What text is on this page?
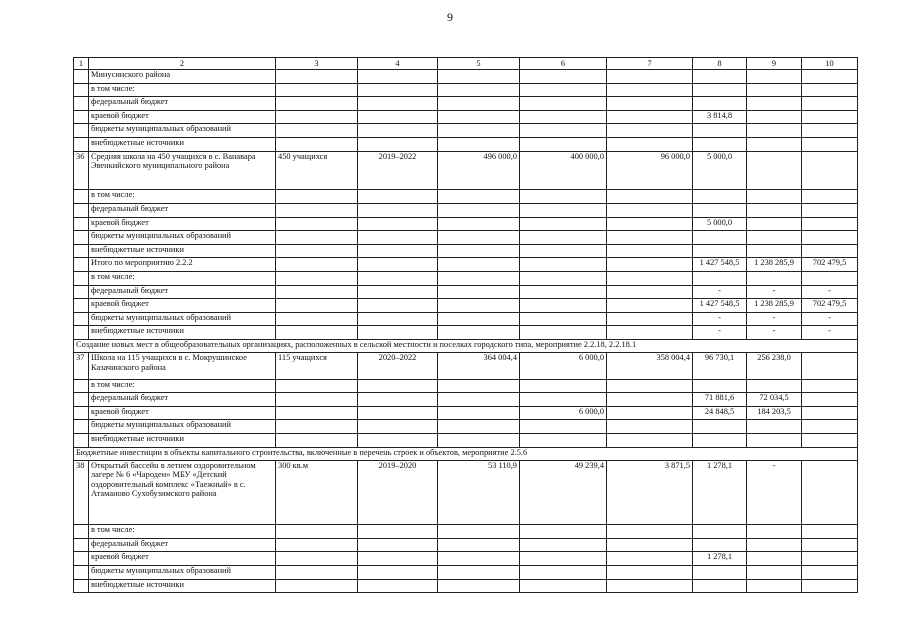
9
1	2	3	4	5	6	7	8	9	10
	Минусинского района								
	в том числе:								
	федеральный бюджет								
	краевой бюджет						3 814,8		
	бюджеты муниципальных образований								
	внебюджетные источники								
36	Средняя школа на 450 учащихся в с. Ванавара Эвенкийского муниципального района	450 учащихся	2019–2022	496 000,0	400 000,0	96 000,0	5 000,0		
	в том числе:								
	федеральный бюджет								
	краевой бюджет						5 000,0		
	бюджеты муниципальных образований								
	внебюджетные источники								
	Итого по мероприятию 2.2.2						1 427 548,5	1 238 285,9	702 479,5
	в том числе:								
	федеральный бюджет						-	-	-
	краевой бюджет						1 427 548,5	1 238 285,9	702 479,5
	бюджеты муниципальных образований						-	-	-
	внебюджетные источники						-	-	-
Создание новых мест в общеобразовательных организациях, расположенных в сельской местности и поселках городского типа, мероприятие 2.2.18, 2.2.18.1									
37	Школа на 115 учащихся в с. Мокрушинское Казачинского района	115 учащихся	2020–2022	364 004,4	6 000,0	358 004,4	96 730,1	256 238,0	
	в том числе:								
	федеральный бюджет						71 881,6	72 034,5	
	краевой бюджет				6 000,0		24 848,5	184 203,5	
	бюджеты муниципальных образований								
	внебюджетные источники								
Бюджетные инвестиции в объекты капитального строительства, включенные в перечень строек и объектов, мероприятие 2.5.6									
38	Открытый бассейн в летнем оздоровительном лагере № 6 «Чародеи» МБУ «Детский оздоровительный комплекс «Таежный» в с. Атаманово Сухобузимского района	300 кв.м	2019–2020	53 110,9	49 239,4	3 871,5	1 278,1	-	
	в том числе:								
	федеральный бюджет								
	краевой бюджет						1 278,1		
	бюджеты муниципальных образований								
	внебюджетные источники								
